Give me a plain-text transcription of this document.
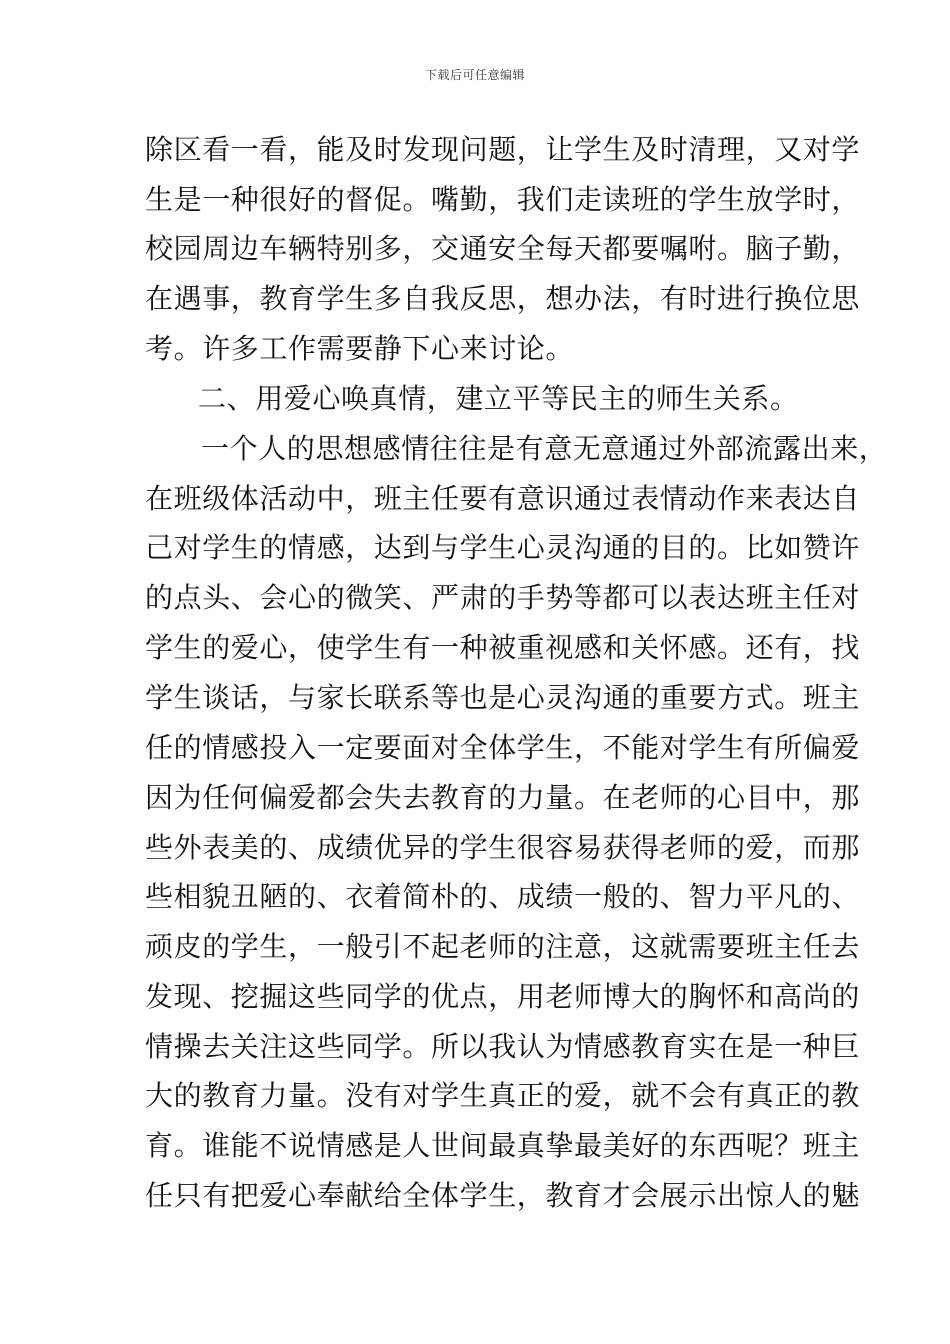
下载后可任意编辑
除区看一看，能及时发现问题，让学生及时清理，又对学
生是一种很好的督促。嘴勤，我们走读班的学生放学时，
校园周边车辆特别多，交通安全每天都要嘱咐。脑子勤，
在遇事，教育学生多自我反思，想办法，有时进行换位思
考。许多工作需要静下心来讨论。
二、用爱心唤真情，建立平等民主的师生关系。
一个人的思想感情往往是有意无意通过外部流露出来，
在班级体活动中，班主任要有意识通过表情动作来表达自
己对学生的情感，达到与学生心灵沟通的目的。比如赞许
的点头、会心的微笑、严肃的手势等都可以表达班主任对
学生的爱心，使学生有一种被重视感和关怀感。还有，找
学生谈话，与家长联系等也是心灵沟通的重要方式。班主
任的情感投入一定要面对全体学生，不能对学生有所偏爱
因为任何偏爱都会失去教育的力量。在老师的心目中，那
些外表美的、成绩优异的学生很容易获得老师的爱，而那
些相貌丑陋的、衣着简朴的、成绩一般的、智力平凡的、
顽皮的学生，一般引不起老师的注意，这就需要班主任去
发现、挖掘这些同学的优点，用老师博大的胸怀和高尚的
情操去关注这些同学。所以我认为情感教育实在是一种巨
大的教育力量。没有对学生真正的爱，就不会有真正的教
育。谁能不说情感是人世间最真挚最美好的东西呢？班主
任只有把爱心奉献给全体学生，教育才会展示出惊人的魅
